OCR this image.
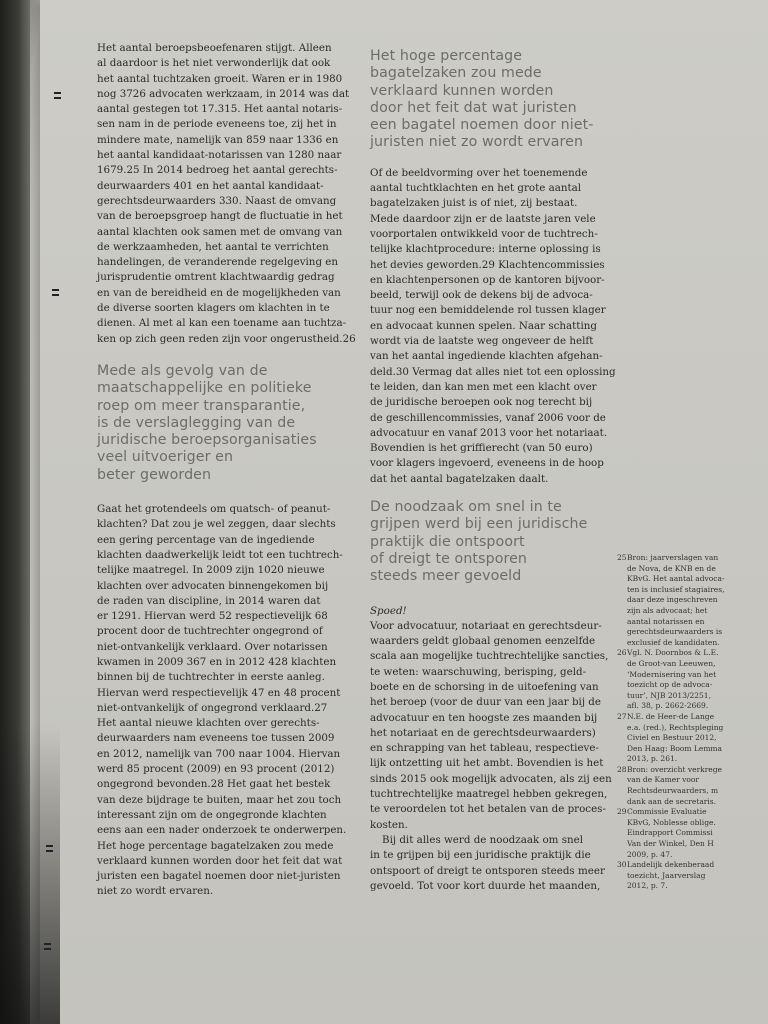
Het aantal beroepsbeoefenaren stijgt. Alleen
al daardoor is het niet verwonderlijk dat ook
het aantal tuchtzaken groeit. Waren er in 1980
nog 3726 advocaten werkzaam, in 2014 was dat
aantal gestegen tot 17.315. Het aantal notaris-
sen nam in de periode eveneens toe, zij het in
mindere mate, namelijk van 859 naar 1336 en
het aantal kandidaat-notarissen van 1280 naar
1679.25 In 2014 bedroeg het aantal gerechts-
deurwaarders 401 en het aantal kandidaat-
gerechtsdeurwaarders 330. Naast de omvang
van de beroepsgroep hangt de fluctuatie in het
aantal klachten ook samen met de omvang van
de werkzaamheden, het aantal te verrichten
handelingen, de veranderende regelgeving en
jurisprudentie omtrent klachtwaardig gedrag
en van de bereidheid en de mogelijkheden van
de diverse soorten klagers om klachten in te
dienen. Al met al kan een toename aan tuchtza-
ken op zich geen reden zijn voor ongerustheid.26

Mede als gevolg van de
maatschappelijke en politieke
roep om meer transparantie,
is de verslaglegging van de
juridische beroepsorganisaties
veel uitvoeriger en
beter geworden

Gaat het grotendeels om quatsch- of peanut-
klachten? Dat zou je wel zeggen, daar slechts
een gering percentage van de ingediende
klachten daadwerkelijk leidt tot een tuchtrech-
telijke maatregel. In 2009 zijn 1020 nieuwe
klachten over advocaten binnengekomen bij
de raden van discipline, in 2014 waren dat
er 1291. Hiervan werd 52 respectievelijk 68
procent door de tuchtrechter ongegrond of
niet-ontvankelijk verklaard. Over notarissen
kwamen in 2009 367 en in 2012 428 klachten
binnen bij de tuchtrechter in eerste aanleg.
Hiervan werd respectievelijk 47 en 48 procent
niet-ontvankelijk of ongegrond verklaard.27
Het aantal nieuwe klachten over gerechts-
deurwaarders nam eveneens toe tussen 2009
en 2012, namelijk van 700 naar 1004. Hiervan
werd 85 procent (2009) en 93 procent (2012)
ongegrond bevonden.28 Het gaat het bestek
van deze bijdrage te buiten, maar het zou toch
interessant zijn om de ongegronde klachten
eens aan een nader onderzoek te onderwerpen.
Het hoge percentage bagatelzaken zou mede
verklaard kunnen worden door het feit dat wat
juristen een bagatel noemen door niet-juristen
niet zo wordt ervaren.

Het hoge percentage
bagatelzaken zou mede
verklaard kunnen worden
door het feit dat wat juristen
een bagatel noemen door niet-
juristen niet zo wordt ervaren

Of de beeldvorming over het toenemende
aantal tuchtklachten en het grote aantal
bagatelzaken juist is of niet, zij bestaat.
Mede daardoor zijn er de laatste jaren vele
voorportalen ontwikkeld voor de tuchtrech-
telijke klachtprocedure: interne oplossing is
het devies geworden.29 Klachtencommissies
en klachtenpersonen op de kantoren bijvoor-
beeld, terwijl ook de dekens bij de advoca-
tuur nog een bemiddelende rol tussen klager
en advocaat kunnen spelen. Naar schatting
wordt via de laatste weg ongeveer de helft
van het aantal ingediende klachten afgehan-
deld.30 Vermag dat alles niet tot een oplossing
te leiden, dan kan men met een klacht over
de juridische beroepen ook nog terecht bij
de geschillencommissies, vanaf 2006 voor de
advocatuur en vanaf 2013 voor het notariaat.
Bovendien is het griffierecht (van 50 euro)
voor klagers ingevoerd, eveneens in de hoop
dat het aantal bagatelzaken daalt.

De noodzaak om snel in te
grijpen werd bij een juridische
praktijk die ontspoort
of dreigt te ontsporen
steeds meer gevoeld

Spoed!

Voor advocatuur, notariaat en gerechtsdeur-
waarders geldt globaal genomen eenzelfde
scala aan mogelijke tuchtrechtelijke sancties,
te weten: waarschuwing, berisping, geld-
boete en de schorsing in de uitoefening van
het beroep (voor de duur van een jaar bij de
advocatuur en ten hoogste zes maanden bij
het notariaat en de gerechtsdeurwaarders)
en schrapping van het tableau, respectieve-
lijk ontzetting uit het ambt. Bovendien is het
sinds 2015 ook mogelijk advocaten, als zij een
tuchtrechtelijke maatregel hebben gekregen,
te veroordelen tot het betalen van de proces-
kosten.

Bij dit alles werd de noodzaak om snel
in te grijpen bij een juridische praktijk die
ontspoort of dreigt te ontsporen steeds meer
gevoeld. Tot voor kort duurde het maanden,

25 Bron: jaarverslagen van
de Nova, de KNB en de
KBvG. Het aantal advoca-
ten is inclusief stagiaires,
daar deze ingeschreven
zijn als advocaat; het
aantal notarissen en
gerechtsdeurwaarders is
exclusief de kandidaten.
26 Vgl. N. Doornbos & L.E.
de Groot-van Leeuwen,
‘Modernisering van het
toezicht op de advoca-
tuur’, NJB 2013/2251,
afl. 38, p. 2662-2669.
27 N.E. de Heer-de Lange
e.a. (red.), Rechtspleging
Civiel en Bestuur 2012,
Den Haag: Boom Lemma
2013, p. 261.
28 Bron: overzicht verkrege
van de Kamer voor
Rechtsdeurwaarders, m
dank aan de secretaris.
29 Commissie Evaluatie
KBvG, Noblesse oblige.
Eindrapport Commissi
Van der Winkel, Den H
2009, p. 47.
30 Landelijk dekenberaad
toezicht, Jaarverslag
2012, p. 7.
